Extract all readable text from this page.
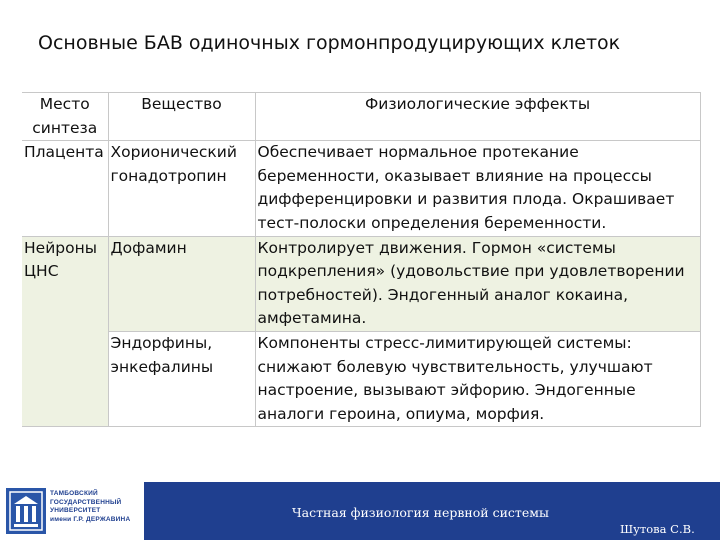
Основные БАВ одиночных гормонпродуцирующих клеток
Место синтеза	Вещество	Физиологические эффекты
Плацента	Хорионический гонадотропин	Обеспечивает нормальное протекание беременности, оказывает влияние на процессы дифференцировки и развития плода. Окрашивает тест-полоски определения беременности.
Нейроны ЦНС	Дофамин	Контролирует движения. Гормон «системы подкрепления» (удовольствие при удовлетворении потребностей). Эндогенный аналог кокаина, амфетамина.
	Эндорфины, энкефалины	Компоненты стресс-лимитирующей системы: снижают болевую чувствительность, улучшают настроение, вызывают эйфорию. Эндогенные аналоги героина, опиума, морфия.
ТАМБОВСКИЙ
ГОСУДАРСТВЕННЫЙ
УНИВЕРСИТЕТ
имени Г.Р. ДЕРЖАВИНА	Частная физиология нервной системы
Шутова С.В.
